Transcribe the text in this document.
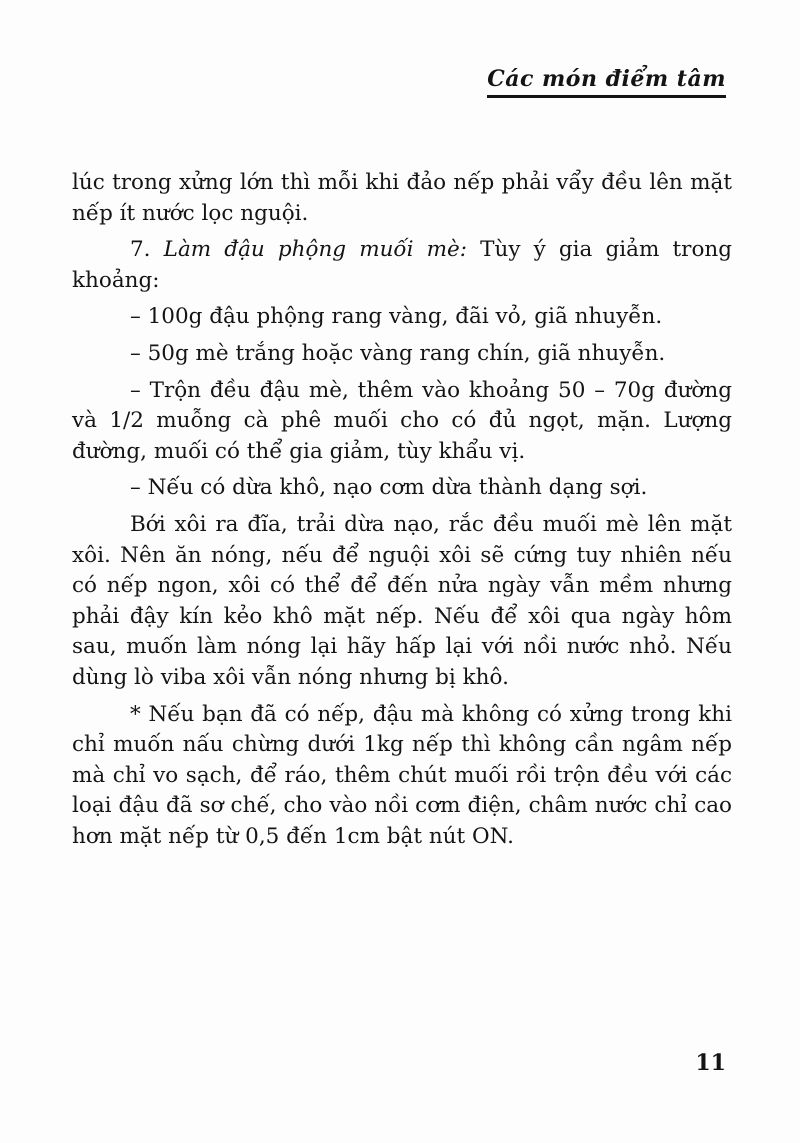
Các món điểm tâm

lúc trong xửng lớn thì mỗi khi đảo nếp phải vẩy đều lên mặt nếp ít nước lọc nguội.

7. Làm đậu phộng muối mè: Tùy ý gia giảm trong khoảng:

– 100g đậu phộng rang vàng, đãi vỏ, giã nhuyễn.

– 50g mè trắng hoặc vàng rang chín, giã nhuyễn.

– Trộn đều đậu mè, thêm vào khoảng 50 – 70g đường và 1/2 muỗng cà phê muối cho có đủ ngọt, mặn. Lượng đường, muối có thể gia giảm, tùy khẩu vị.

– Nếu có dừa khô, nạo cơm dừa thành dạng sợi.

Bới xôi ra đĩa, trải dừa nạo, rắc đều muối mè lên mặt xôi. Nên ăn nóng, nếu để nguội xôi sẽ cứng tuy nhiên nếu có nếp ngon, xôi có thể để đến nửa ngày vẫn mềm nhưng phải đậy kín kẻo khô mặt nếp. Nếu để xôi qua ngày hôm sau, muốn làm nóng lại hãy hấp lại với nồi nước nhỏ. Nếu dùng lò viba xôi vẫn nóng nhưng bị khô.

* Nếu bạn đã có nếp, đậu mà không có xửng trong khi chỉ muốn nấu chừng dưới 1kg nếp thì không cần ngâm nếp mà chỉ vo sạch, để ráo, thêm chút muối rồi trộn đều với các loại đậu đã sơ chế, cho vào nồi cơm điện, châm nước chỉ cao hơn mặt nếp từ 0,5 đến 1cm bật nút ON.

11
